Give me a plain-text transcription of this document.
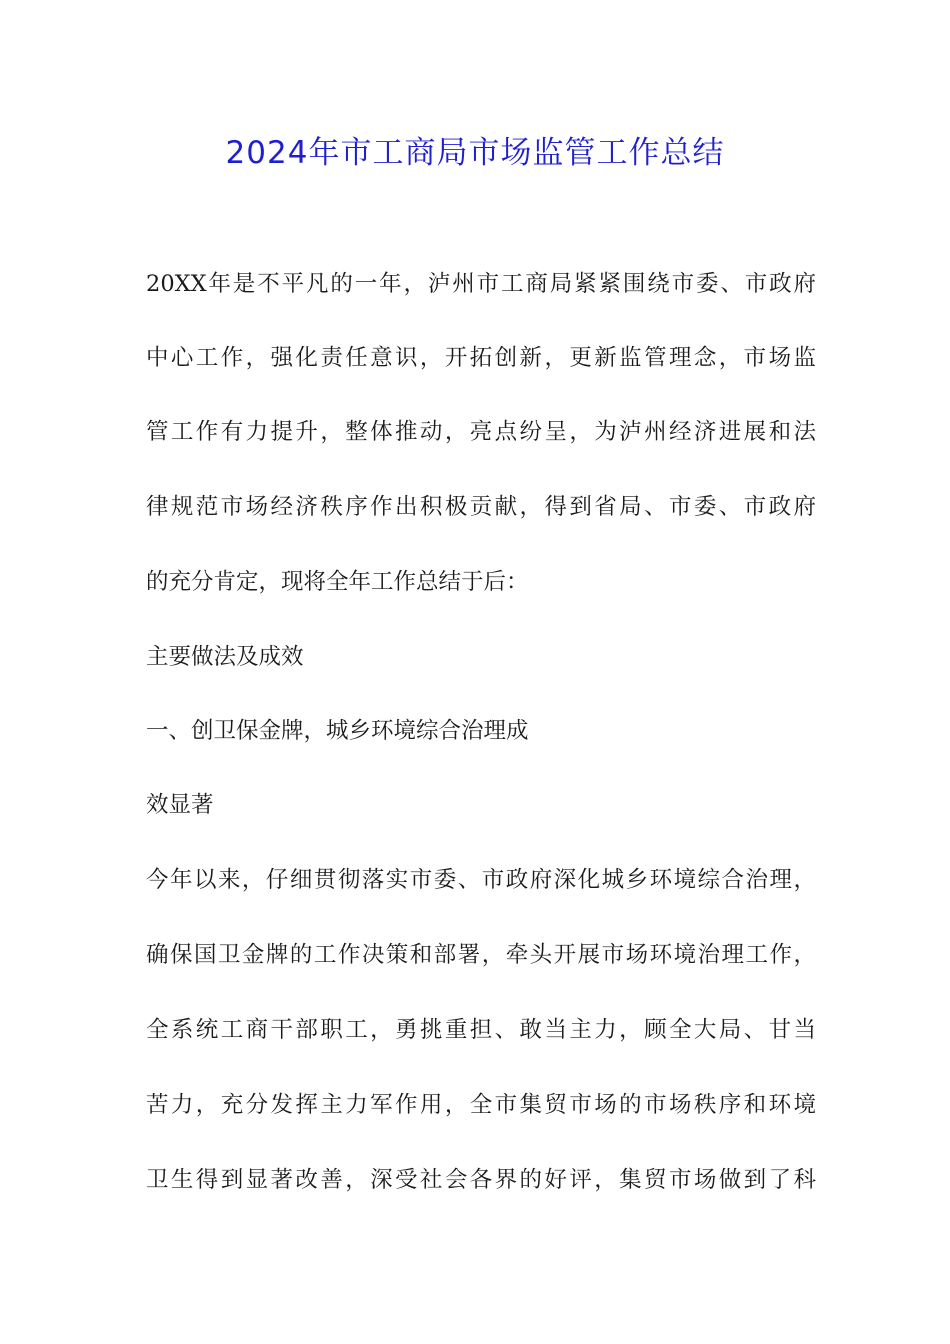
2024年市工商局市场监管工作总结

20XX年是不平凡的一年，泸州市工商局紧紧围绕市委、市政府

中心工作，强化责任意识，开拓创新，更新监管理念，市场监

管工作有力提升，整体推动，亮点纷呈，为泸州经济进展和法

律规范市场经济秩序作出积极贡献，得到省局、市委、市政府

的充分肯定，现将全年工作总结于后：

主要做法及成效

一、创卫保金牌，城乡环境综合治理成

效显著

今年以来，仔细贯彻落实市委、市政府深化城乡环境综合治理，

确保国卫金牌的工作决策和部署，牵头开展市场环境治理工作，

全系统工商干部职工，勇挑重担、敢当主力，顾全大局、甘当

苦力，充分发挥主力军作用，全市集贸市场的市场秩序和环境

卫生得到显著改善，深受社会各界的好评，集贸市场做到了科
